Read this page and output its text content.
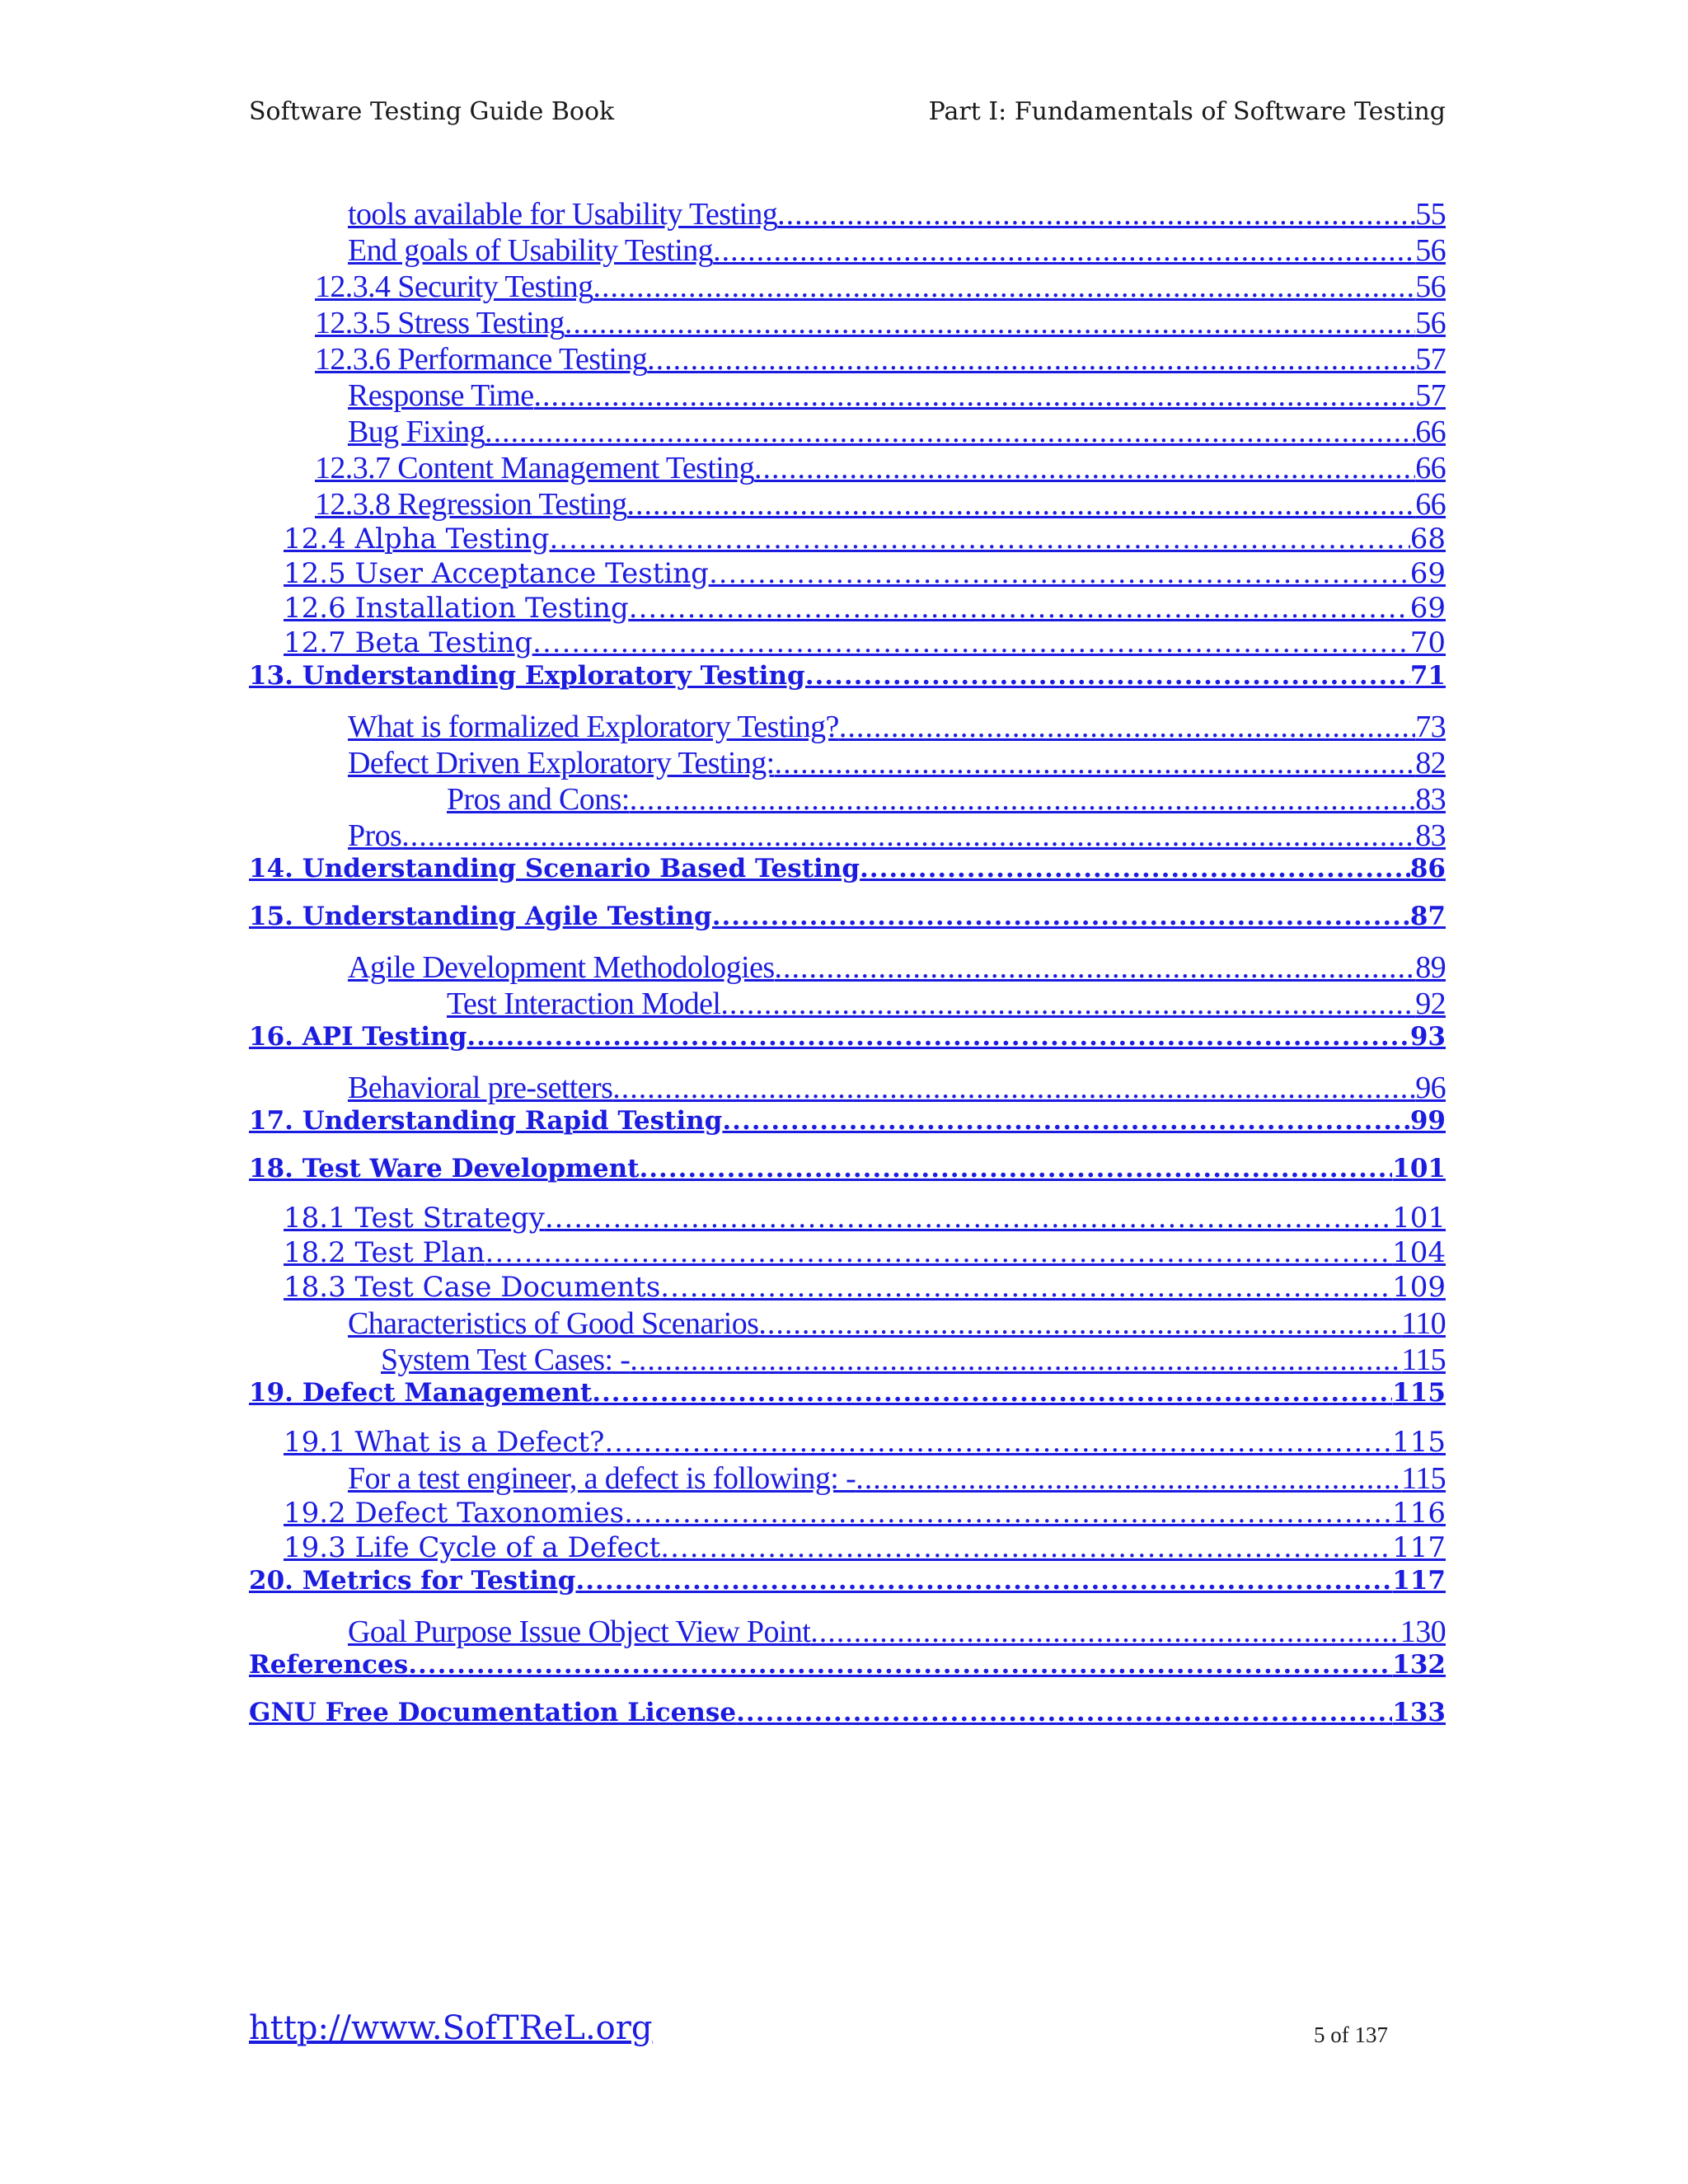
Software Testing Guide Book	Part I: Fundamentals of Software Testing
tools available for Usability Testing .....	55
End goals of Usability Testing .....	56
12.3.4 Security Testing .....	56
12.3.5 Stress Testing .....	56
12.3.6 Performance Testing .....	57
Response Time .....	57
Bug Fixing .....	66
12.3.7 Content Management Testing .....	66
12.3.8 Regression Testing .....	66
12.4 Alpha Testing .....	68
12.5 User Acceptance Testing .....	69
12.6 Installation Testing .....	69
12.7 Beta Testing .....	70
13. Understanding Exploratory Testing .....	71
What is formalized Exploratory Testing? .....	73
Defect Driven Exploratory Testing: .....	82
Pros and Cons: .....	83
Pros .....	83
14. Understanding Scenario Based Testing .....	86
15. Understanding Agile Testing .....	87
Agile Development Methodologies .....	89
Test Interaction Model .....	92
16. API Testing .....	93
Behavioral pre-setters .....	96
17. Understanding Rapid Testing .....	99
18. Test Ware Development .....	101
18.1 Test Strategy .....	101
18.2 Test Plan .....	104
18.3 Test Case Documents .....	109
Characteristics of Good Scenarios .....	110
System Test Cases: - .....	115
19. Defect Management .....	115
19.1 What is a Defect? .....	115
For a test engineer, a defect is following: - .....	115
19.2 Defect Taxonomies .....	116
19.3 Life Cycle of a Defect .....	117
20. Metrics for Testing .....	117
Goal Purpose Issue Object View Point .....	130
References .....	132
GNU Free Documentation License .....	133
http://www.SofTReL.org	5 of 137
